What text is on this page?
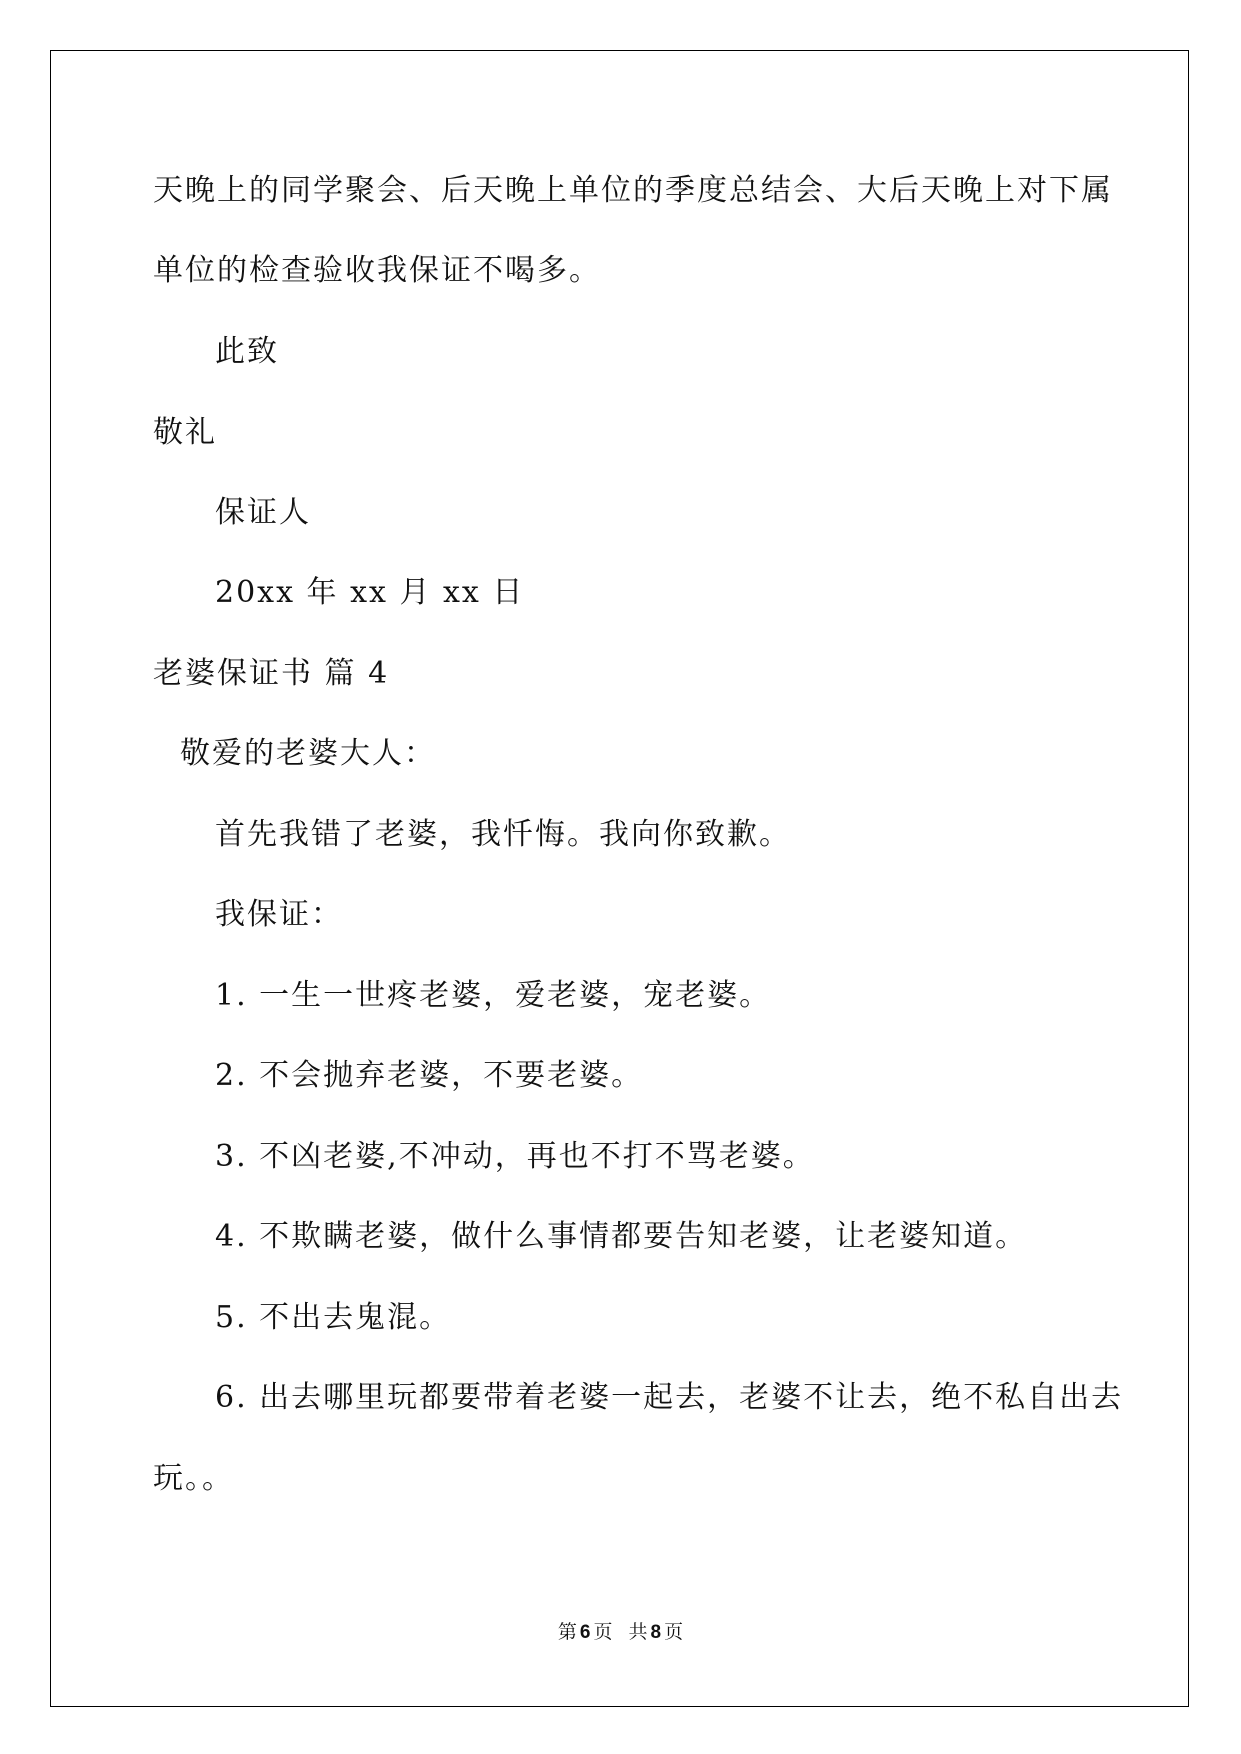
天晚上的同学聚会、后天晚上单位的季度总结会、大后天晚上对下属
单位的检查验收我保证不喝多。
此致
敬礼
保证人
20xx 年 xx 月 xx 日
老婆保证书 篇 4
敬爱的老婆大人：
首先我错了老婆，我忏悔。我向你致歉。
我保证：
1. 一生一世疼老婆，爱老婆，宠老婆。
2. 不会抛弃老婆，不要老婆。
3. 不凶老婆,不冲动，再也不打不骂老婆。
4. 不欺瞒老婆，做什么事情都要告知老婆，让老婆知道。
5. 不出去鬼混。
6. 出去哪里玩都要带着老婆一起去，老婆不让去，绝不私自出去
玩。。
第 6 页 共 8 页
